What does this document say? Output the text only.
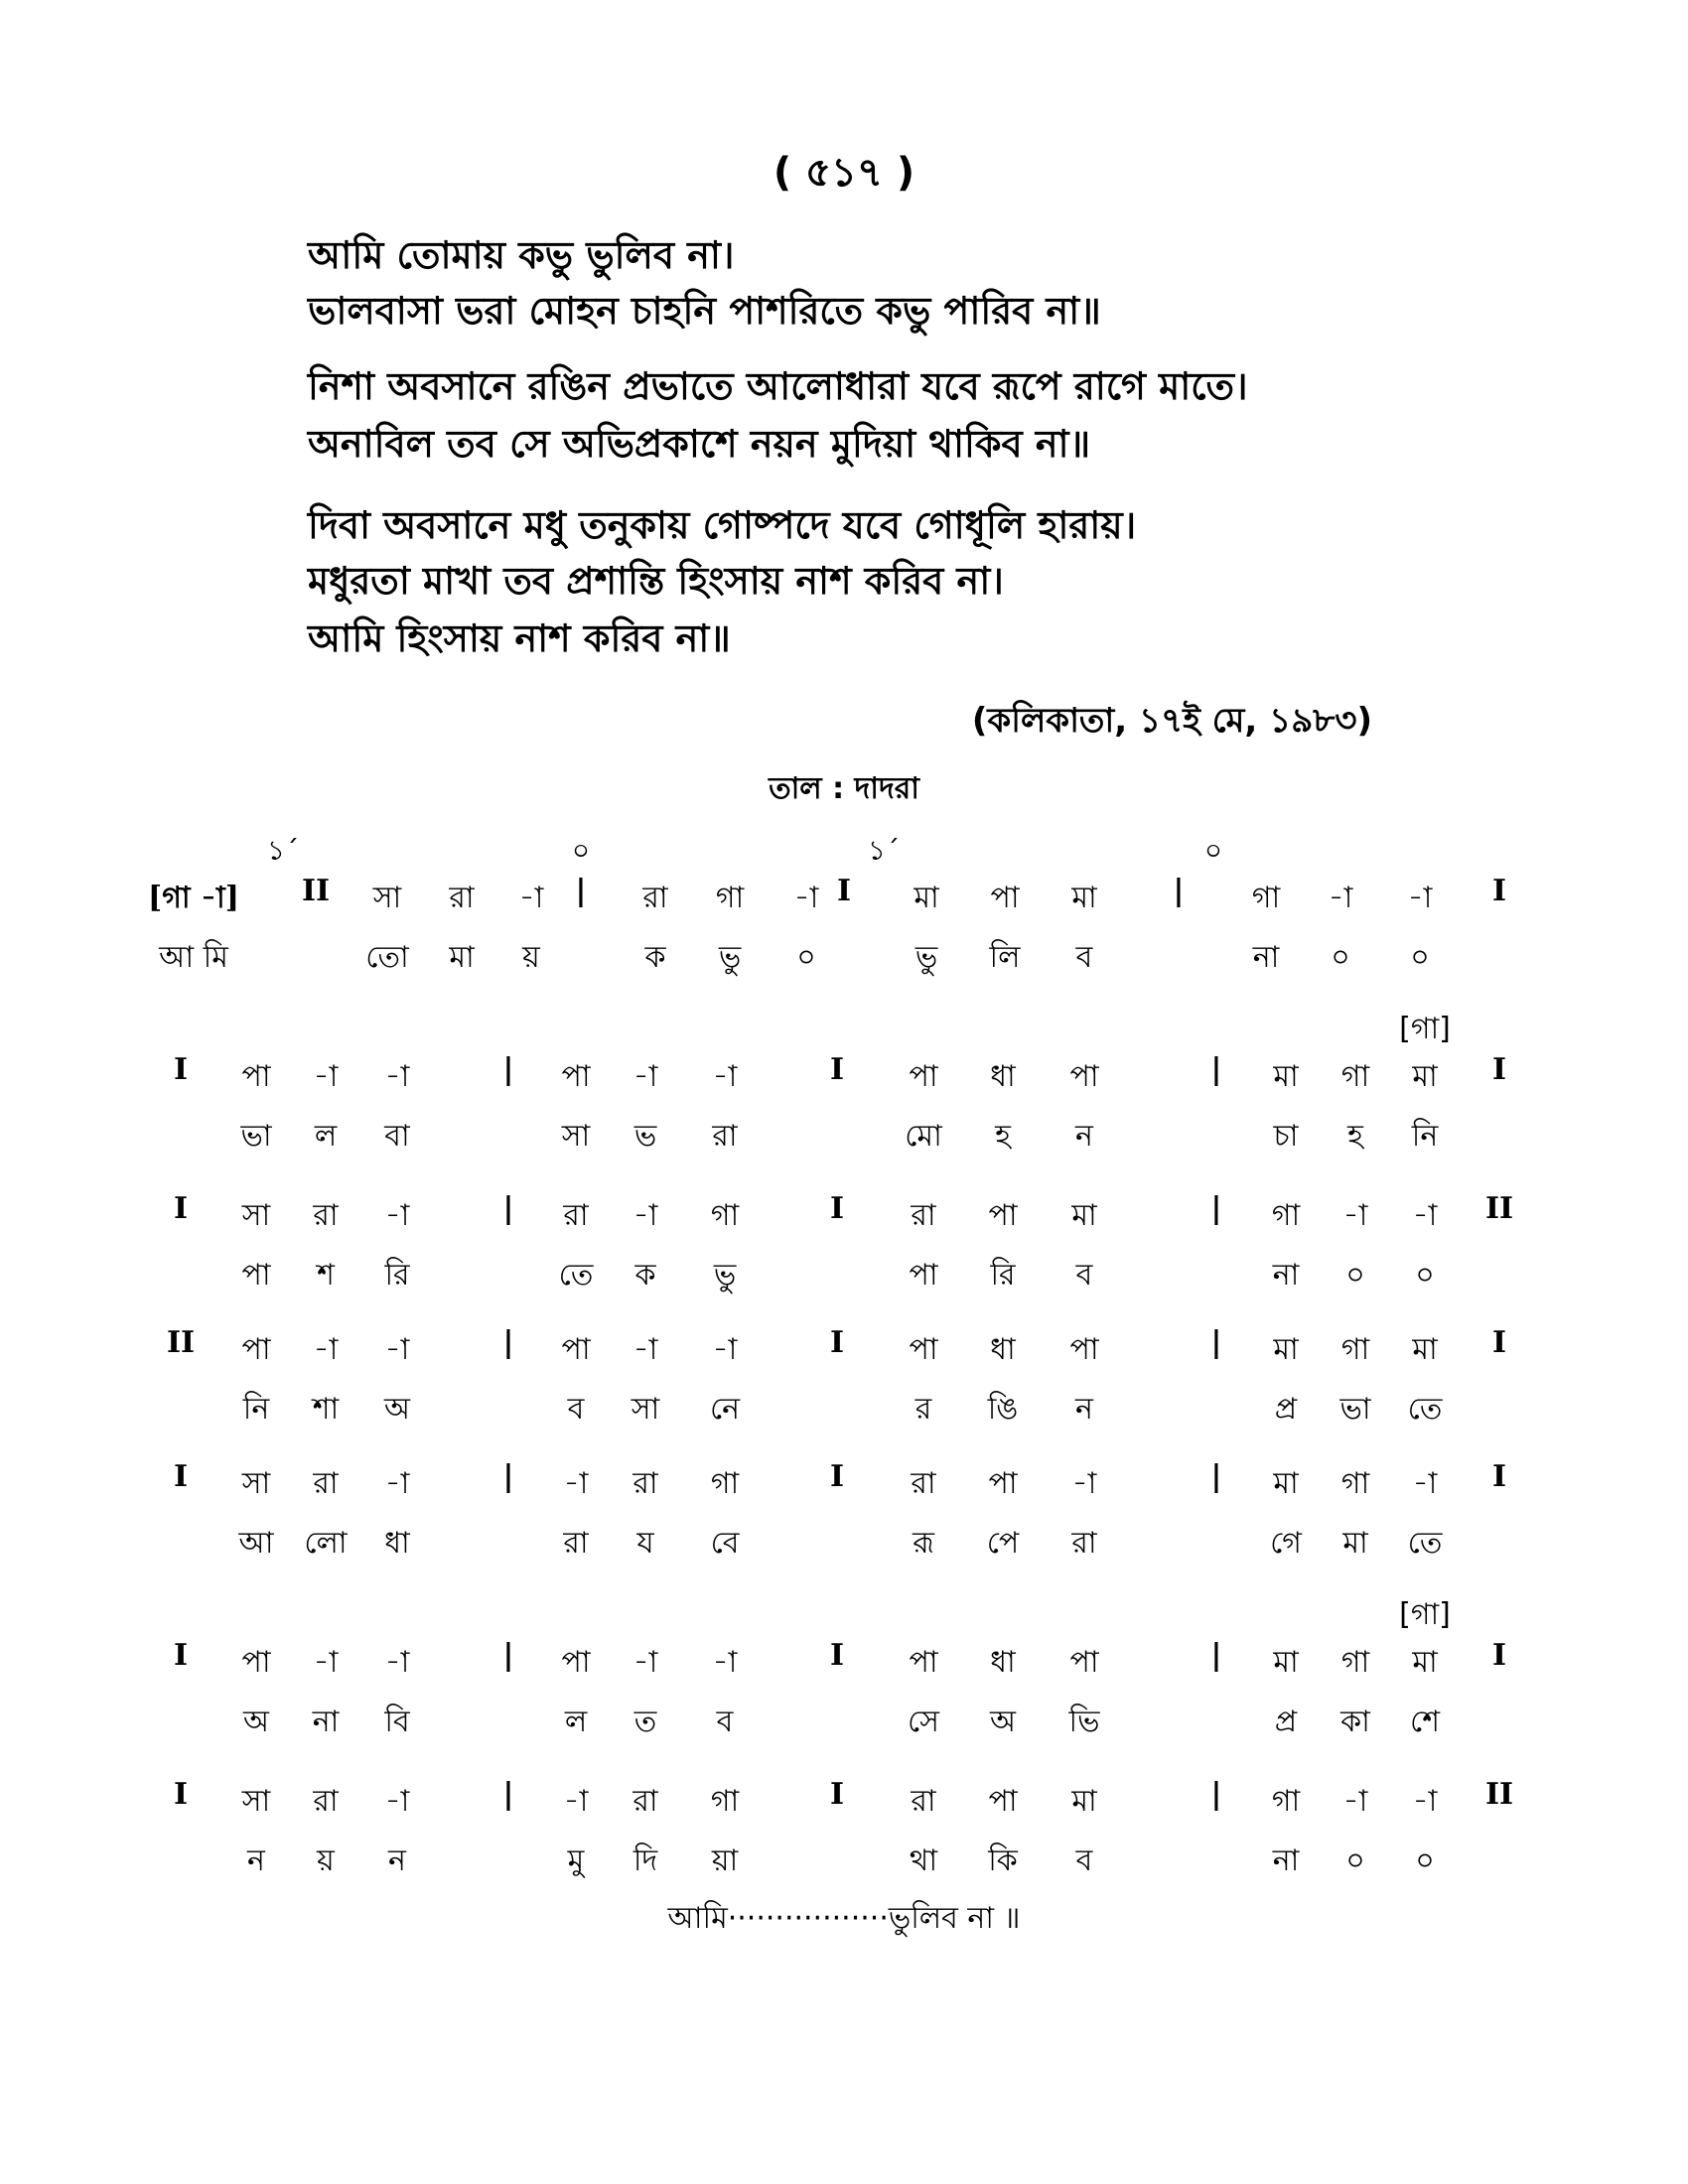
( ৫১৭ )
আমি তোমায় কভু ভুলিব না।
ভালবাসা ভরা মোহন চাহনি পাশরিতে কভু পারিব না॥
নিশা অবসানে রঙিন প্রভাতে আলোধারা যবে রূপে রাগে মাতে।
অনাবিল তব সে অভিপ্রকাশে নয়ন মুদিয়া থাকিব না॥
দিবা অবসানে মধু তনুকায় গোষ্পদে যবে গোধূলি হারায়।
মধুরতা মাখা তব প্রশান্তি হিংসায় নাশ করিব না।
আমি হিংসায় নাশ করিব না॥
(কলিকাতা, ১৭ই মে, ১৯৮৩)
তাল : দাদরা
১´	০	১´	০
[গা -া] II সা রা -া | রা গা -া I মা পা মা	| গা -া -া I
আ মি	তো মা য়	ক ভু ০	ভু লি ব	না ০ ০
[গা]
I পা -া -া	| পা -া -া	I পা ধা পা	| মা গা মা I
ভা ল বা	সা ভ রা	মো হ ন	চা হ নি
I সা রা -া	| রা -া গা	I রা পা মা	| গা -া -া II
পা শ রি	তে ক ভু	পা রি ব	না ০ ০
II পা -া -া	| পা -া -া	I পা ধা পা	| মা গা মা I
নি শা অ	ব সা নে	র ঙি ন	প্র ভা তে
I সা রা -া	| -া রা গা	I রা পা -া	| মা গা -া I
আ লো ধা	রা য বে	রূ পে রা	গে মা তে
[গা]
I পা -া -া	| পা -া -া	I পা ধা পা	| মা গা মা I
অ না বি	ল ত ব	সে অ ভি	প্র কা শে
I সা রা -া	| -া রা গা	I রা পা মা	| গা -া -া II
ন য় ন	মু দি য়া	থা কি ব	না ০ ০
আমি·················ভুলিব না ॥
